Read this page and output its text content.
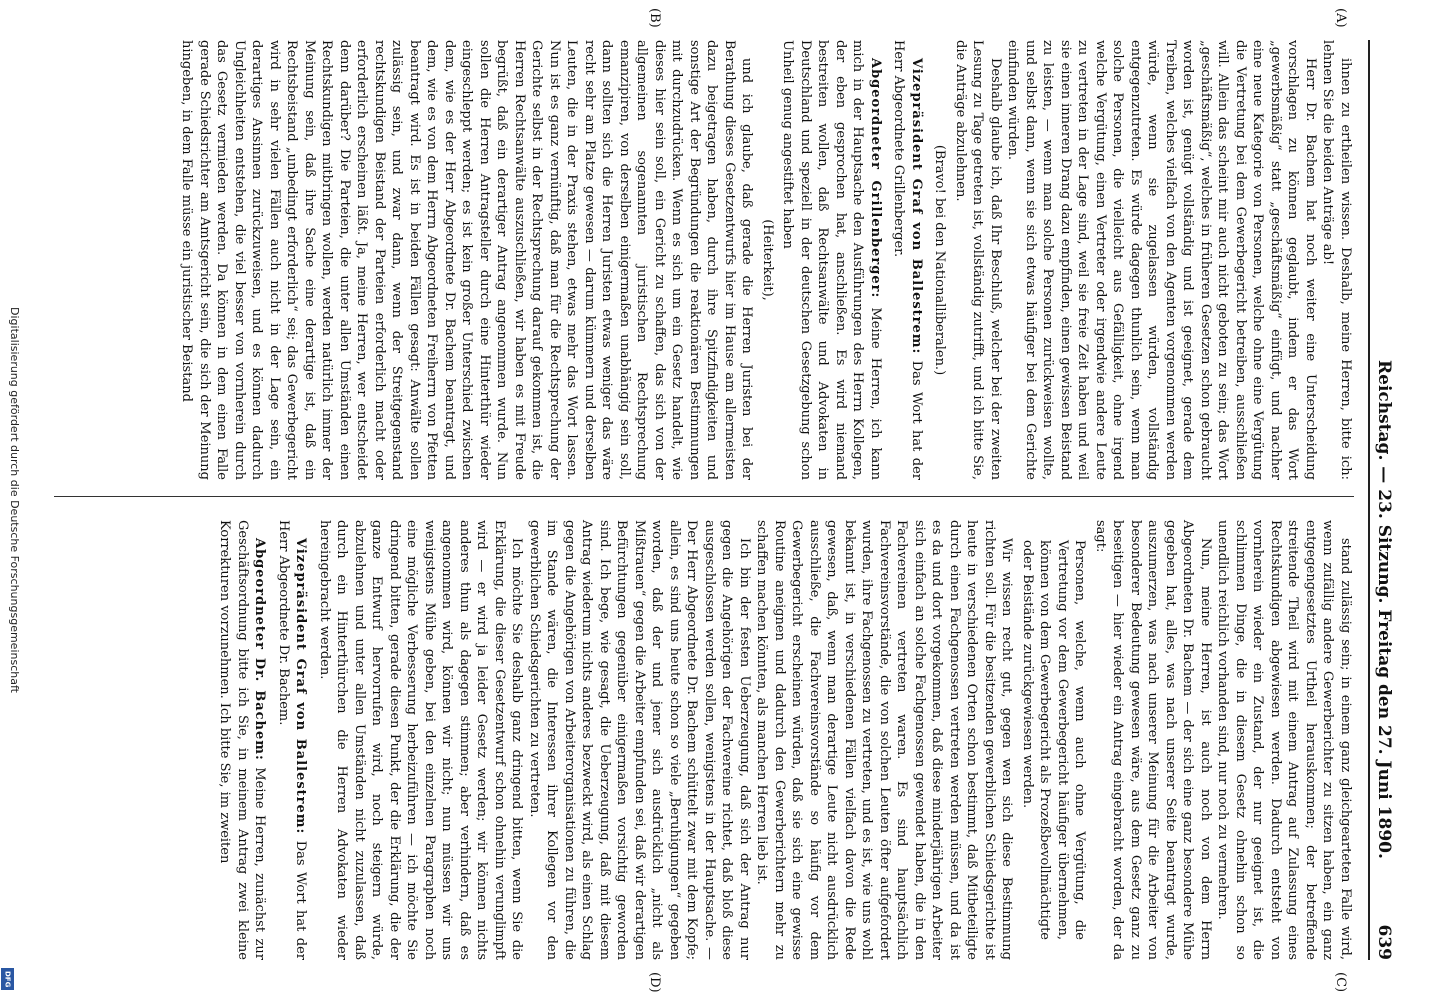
Reichstag. — 23. Sitzung. Freitag den 27. Juni 1890.
639
(A)
(B)
(C)
(D)

ihnen zu ertheilen wissen. Deshalb, meine Herren, bitte ich: lehnen Sie die beiden Anträge ab!

Herr Dr. Bachem hat noch weiter eine Unterscheidung vorschlagen zu können geglaubt, indem er das Wort „gewerbsmäßig“ statt „geschäftsmäßig“ einfügt, und nachher eine neue Kategorie von Personen, welche ohne eine Vergütung die Vertretung bei dem Gewerbegericht betreiben, ausschließen will. Allein das scheint mir auch nicht geboten zu sein; das Wort „geschäftsmäßig“, welches in früheren Gesetzen schon gebraucht worden ist, genügt vollständig und ist geeignet, gerade dem Treiben, welches vielfach von den Agenten vorgenommen werden würde, wenn sie zugelassen würden, vollständig entgegenzutreten. Es würde dagegen thunlich sein, wenn man solche Personen, die vielleicht aus Gefälligkeit, ohne irgend welche Vergütung, einen Vertreter oder irgendwie andere Leute zu vertreten in der Lage sind, weil sie freie Zeit haben und weil sie einen inneren Drang dazu empfinden, einen gewissen Beistand zu leisten, — wenn man solche Personen zurückweisen wollte, und selbst dann, wenn sie sich etwas häufiger bei dem Gerichte einfinden würden.

Deshalb glaube ich, daß Ihr Beschluß, welcher bei der zweiten Lesung zu Tage getreten ist, vollständig zutrifft, und ich bitte Sie, die Anträge abzulehnen.

(Bravo! bei den Nationalliberalen.)

Vizepräsident Graf von Ballestrem: Das Wort hat der Herr Abgeordnete Grillenberger.

Abgeordneter Grillenberger: Meine Herren, ich kann mich in der Hauptsache den Ausführungen des Herrn Kollegen, der eben gesprochen hat, anschließen. Es wird niemand bestreiten wollen, daß Rechtsanwälte und Advokaten in Deutschland und speziell in der deutschen Gesetzgebung schon Unheil genug angestiftet haben

(Heiterkeit),

und ich glaube, daß gerade die Herren Juristen bei der Berathung dieses Gesetzentwurfs hier im Hause am allermeisten dazu beigetragen haben, durch ihre Spitzfindigkeiten und sonstige Art der Begründungen die reaktionären Bestimmungen mit durchzudrücken. Wenn es sich um ein Gesetz handelt, wie dieses hier sein soll, ein Gericht zu schaffen, das sich von der allgemeinen sogenannten juristischen Rechtsprechung emanzipiren, von derselben einigermaßen unabhängig sein soll, dann sollten sich die Herren Juristen etwas weniger das wäre recht sehr am Platze gewesen — darum kümmern und derselben Leuten, die in der Praxis stehen, etwas mehr das Wort lassen. Nun ist es ganz vernünftig, daß man für die Rechtsprechung der Gerichte selbst in der Rechtsprechung darauf gekommen ist, die Herren Rechtsanwälte auszuschließen, wir haben es mit Freude begrüßt, daß ein derartiger Antrag angenommen wurde. Nun sollen die Herren Antragsteller durch eine Hinterthür wieder eingeschleppt werden; es ist kein großer Unterschied zwischen dem, wie es der Herr Abgeordnete Dr. Bachem beantragt, und dem, wie es von dem Herrn Abgeordneten Freiherrn von Pfetten beantragt wird. Es ist in beiden Fällen gesagt: Anwälte sollen zulässig sein, und zwar dann, wenn der Streitgegenstand rechtskundigen Beistand der Parteien erforderlich macht oder erforderlich erscheinen läßt. Ja, meine Herren, wer entscheidet denn darüber? Die Parteien, die unter allen Umständen einen Rechtskundigen mitbringen wollen, werden natürlich immer der Meinung sein, daß ihre Sache eine derartige ist, daß ein Rechtsbeistand „unbedingt erforderlich“ sei; das Gewerbegericht wird in sehr vielen Fällen auch nicht in der Lage sein, ein derartiges Ansinnen zurückzuweisen, und es können dadurch Ungleichheiten entstehen, die viel besser von vornherein durch das Gesetz vermieden werden. Da können in dem einen Falle gerade Schiedsrichter am Amtsgericht sein, die sich der Meinung hingeben, in dem Falle müsse ein juristischer Beistand

stand zulässig sein; in einem ganz gleichgearteten Falle wird, wenn zufällig andere Gewerberichter zu sitzen haben, ein ganz entgegengesetztes Urtheil herauskommen; der betreffende streitende Theil wird mit einem Antrag auf Zulassung eines Rechtskundigen abgewiesen werden. Dadurch entsteht von vornherein wieder ein Zustand, der nur geeignet ist, die schlimmen Dinge, die in diesem Gesetz ohnehin schon so unendlich reichlich vorhanden sind, nur noch zu vermehren.

Nun, meine Herren, ist auch noch von dem Herrn Abgeordneten Dr. Bachem — der sich eine ganz besondere Mühe gegeben hat, alles, was nach unserer Seite beantragt wurde, auszumerzen, was nach unserer Meinung für die Arbeiter von besonderer Bedeutung gewesen wäre, aus dem Gesetz ganz zu beseitigen — hier wieder ein Antrag eingebracht worden, der da sagt:

Personen, welche, wenn auch ohne Vergütung, die Vertretung vor dem Gewerbegericht häufiger übernehmen, können von dem Gewerbegericht als Prozeßbevollmächtigte oder Beistände zurückgewiesen werden.

Wir wissen recht gut, gegen wen sich diese Bestimmung richten soll. Für die besitzenden gewerblichen Schiedsgerichte ist heute in verschiedenen Orten schon bestimmt, daß Mitbeteiligte durch einen Fachgenossen vertreten werden müssen, und da ist es da und dort vorgekommen, daß diese minderjährigen Arbeiter sich einfach an solche Fachgenossen gewendet haben, die in den Fachvereinen vertreten waren. Es sind hauptsächlich Fachvereinsvorstände, die von solchen Leuten öfter aufgefordert wurden, ihre Fachgenossen zu vertreten, und es ist, wie uns wohl bekannt ist, in verschiedenen Fällen vielfach davon die Rede gewesen, daß, wenn man derartige Leute nicht ausdrücklich ausschließe, die Fachvereinsvorstände so häufig vor dem Gewerbegericht erscheinen würden, daß sie sich eine gewisse Routine aneignen und dadurch den Gewerberichtern mehr zu schaffen machen könnten, als manchen Herren lieb ist.

Ich bin der festen Ueberzeugung, daß sich der Antrag nur gegen die Angehörigen der Fachvereine richtet, daß bloß diese ausgeschlossen werden sollen, wenigstens in der Hauptsache. — Der Herr Abgeordnete Dr. Bachem schüttelt zwar mit dem Kopfe; allein, es sind uns heute schon so viele „Beruhigungen“ gegeben worden, daß der und jener sich ausdrücklich „nicht als Mißtrauen“ gegen die Arbeiter empfunden sei, daß wir derartigen Befürchtungen gegenüber einigermaßen vorsichtig geworden sind. Ich bege, wie gesagt, die Ueberzeugung, daß mit diesem Antrag wiederum nichts anderes bezweckt wird, als einen Schlag gegen die Angehörigen von Arbeiterorganisationen zu führen, die im Stande wären, die Interessen ihrer Kollegen vor den gewerblichen Schiedsgerichten zu vertreten.

Ich möchte Sie deshalb ganz dringend bitten, wenn Sie die Erklärung, die dieser Gesetzentwurf schon ohnehin verunglimpft wird — er wird ja leider Gesetz werden; wir können nichts anderes thun als dagegen stimmen; aber verhindern, daß es angenommen wird, können wir nicht; nun müssen wir uns wenigstens Mühe geben, bei den einzelnen Paragraphen noch eine mögliche Verbesserung herbeizuführen — ich möchte Sie dringend bitten, gerade diesen Punkt, der die Erklärung, die der ganze Entwurf hervorrufen wird, noch steigern würde, abzulehnen und unter allen Umständen nicht zuzulassen, daß durch ein Hinterthürchen die Herren Advokaten wieder hereingebracht werden.

Vizepräsident Graf von Ballestrem: Das Wort hat der Herr Abgeordnete Dr. Bachem.

Abgeordneter Dr. Bachem: Meine Herren, zunächst zur Geschäftsordnung bitte ich Sie, in meinem Antrag zwei kleine Korrekturen vorzunehmen. Ich bitte Sie, im zweiten

Digitalisierung gefördert durch die Deutsche Forschungsgemeinschaft
DFG
